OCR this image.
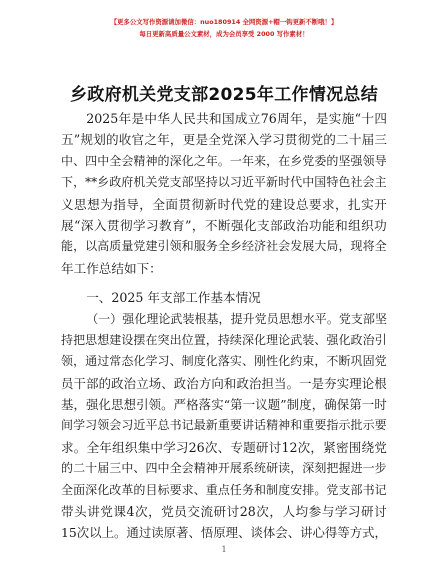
【更多公文写作资源请加微信：nuo180914 全网资源+帽一钩更新不断哦！】
每日更新高质量公文素材，成为会员享受 2000 写作素材！
乡政府机关党支部2025年工作情况总结
2025 年 是 中 华 人 民 共 和 国 成 立 76 周 年 ， 是 实 施 “ 十 四
五 ” 规 划 的 收 官 之 年 ， 更 是 全 党 深 入 学 习 贯 彻 党 的 二 十 届 三
中 、 四 中 全 会 精 神 的 深 化 之 年 。 一 年 来 ， 在 乡 党 委 的 坚 强 领 导
下 ， ** 乡 政 府 机 关 党 支 部 坚 持 以 习 近 平 新 时 代 中 国 特 色 社 会 主
义 思 想 为 指 导 ， 全 面 贯 彻 新 时 代 党 的 建 设 总 要 求 ， 扎 实 开
展 “ 深 入 贯 彻 学 习 教 育 ” ， 不 断 强 化 支 部 政 治 功 能 和 组 织 功
能 ， 以 高 质 量 党 建 引 领 和 服 务 全 乡 经 济 社 会 发 展 大 局 ， 现 将 全
年工作总结如下：
一、2025 年支部工作基本情况
（ 一 ） 强 化 理 论 武 装 根 基 ， 提 升 党 员 思 想 水 平 。 党 支 部 坚
持 把 思 想 建 设 摆 在 突 出 位 置 ， 持 续 深 化 理 论 武 装 、 强 化 政 治 引
领 ， 通 过 常 态 化 学 习 、 制 度 化 落 实 、 刚 性 化 约 束 ， 不 断 巩 固 党
员 干 部 的 政 治 立 场 、 政 治 方 向 和 政 治 担 当 。 一 是 夯 实 理 论 根
基 ， 强 化 思 想 引 领 。 严 格 落 实 “ 第 一 议 题 ” 制 度 ， 确 保 第 一 时
间 学 习 领 会 习 近 平 总 书 记 最 新 重 要 讲 话 精 神 和 重 要 指 示 批 示 要
求 。 全 年 组 织 集 中 学 习 26 次 、 专 题 研 讨 12 次 ， 紧 密 围 绕 党
的 二 十 届 三 中 、 四 中 全 会 精 神 开 展 系 统 研 读 ， 深 刻 把 握 进 一 步
全 面 深 化 改 革 的 目 标 要 求 、 重 点 任 务 和 制 度 安 排 。 党 支 部 书 记
带 头 讲 党 课 4 次 ， 党 员 交 流 研 讨 28 次 ， 人 均 参 与 学 习 研 讨
15 次 以 上 。 通 过 读 原 著 、 悟 原 理 、 谈 体 会 、 讲 心 得 等 方 式 ，
1
